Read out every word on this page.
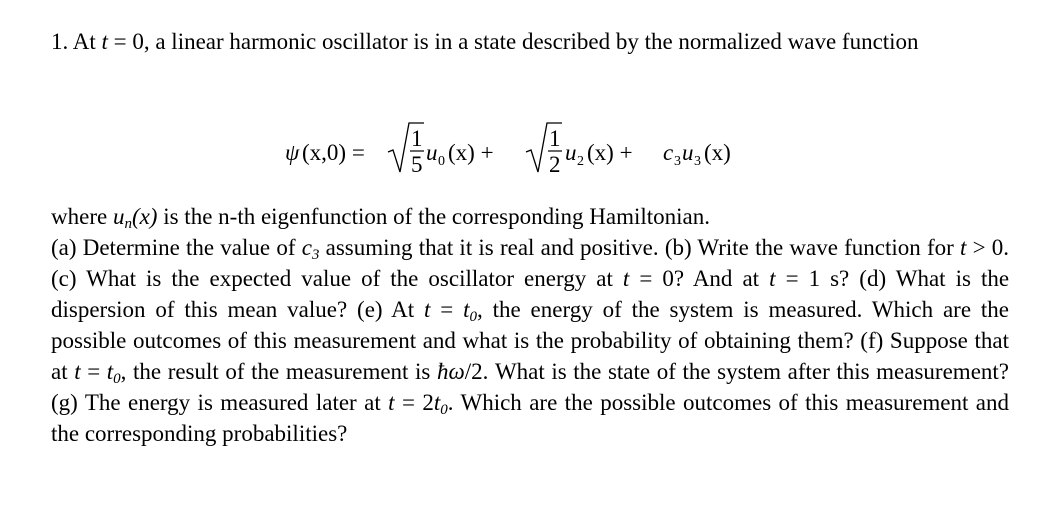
1. At t = 0, a linear harmonic oscillator is in a state described by the normalized wave function
ψ (x,0) =
1
5 u 0 (x) +
1
2 u 2 (x) + c 3 u 3 (x)
where $u_n(x)$ is the n-th eigenfunction of the corresponding Hamiltonian.
(a) Determine the value of $c_3$ assuming that it is real and positive. (b) Write the wave function for t > 0. (c) What is the expected value of the oscillator energy at t = 0? And at t = 1 s? (d) What is the dispersion of this mean value? (e) At $t = t_0$, the energy of the system is measured. Which are the possible outcomes of this measurement and what is the probability of obtaining them? (f) Suppose that at $t = t_0$, the result of the measurement is ħω/2. What is the state of the system after this measurement? (g) The energy is measured later at $t = 2t_0$. Which are the possible outcomes of this measurement and the corresponding probabilities?
